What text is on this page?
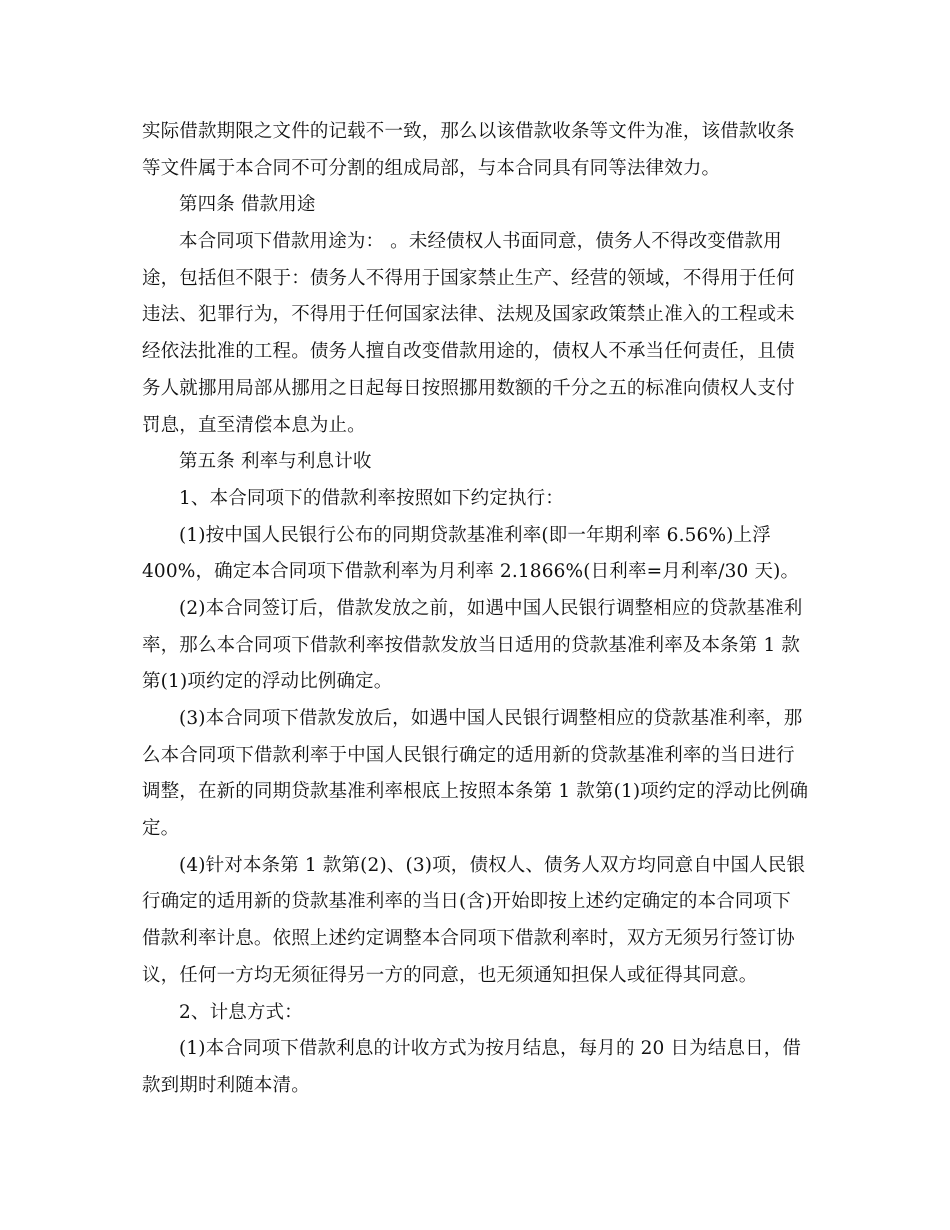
实际借款期限之文件的记载不一致，那么以该借款收条等文件为准，该借款收条
等文件属于本合同不可分割的组成局部，与本合同具有同等法律效力。
第四条 借款用途
本合同项下借款用途为： 。未经债权人书面同意，债务人不得改变借款用
途，包括但不限于：债务人不得用于国家禁止生产、经营的领域，不得用于任何
违法、犯罪行为，不得用于任何国家法律、法规及国家政策禁止准入的工程或未
经依法批准的工程。债务人擅自改变借款用途的，债权人不承当任何责任，且债
务人就挪用局部从挪用之日起每日按照挪用数额的千分之五的标准向债权人支付
罚息，直至清偿本息为止。
第五条 利率与利息计收
1、本合同项下的借款利率按照如下约定执行：
(1)按中国人民银行公布的同期贷款基准利率(即一年期利率 6.56%)上浮
400%，确定本合同项下借款利率为月利率 2.1866%(日利率=月利率/30 天)。
(2)本合同签订后，借款发放之前，如遇中国人民银行调整相应的贷款基准利
率，那么本合同项下借款利率按借款发放当日适用的贷款基准利率及本条第 1 款
第(1)项约定的浮动比例确定。
(3)本合同项下借款发放后，如遇中国人民银行调整相应的贷款基准利率，那
么本合同项下借款利率于中国人民银行确定的适用新的贷款基准利率的当日进行
调整，在新的同期贷款基准利率根底上按照本条第 1 款第(1)项约定的浮动比例确
定。
(4)针对本条第 1 款第(2)、(3)项，债权人、债务人双方均同意自中国人民银
行确定的适用新的贷款基准利率的当日(含)开始即按上述约定确定的本合同项下
借款利率计息。依照上述约定调整本合同项下借款利率时，双方无须另行签订协
议，任何一方均无须征得另一方的同意，也无须通知担保人或征得其同意。
2、计息方式：
(1)本合同项下借款利息的计收方式为按月结息，每月的 20 日为结息日，借
款到期时利随本清。
